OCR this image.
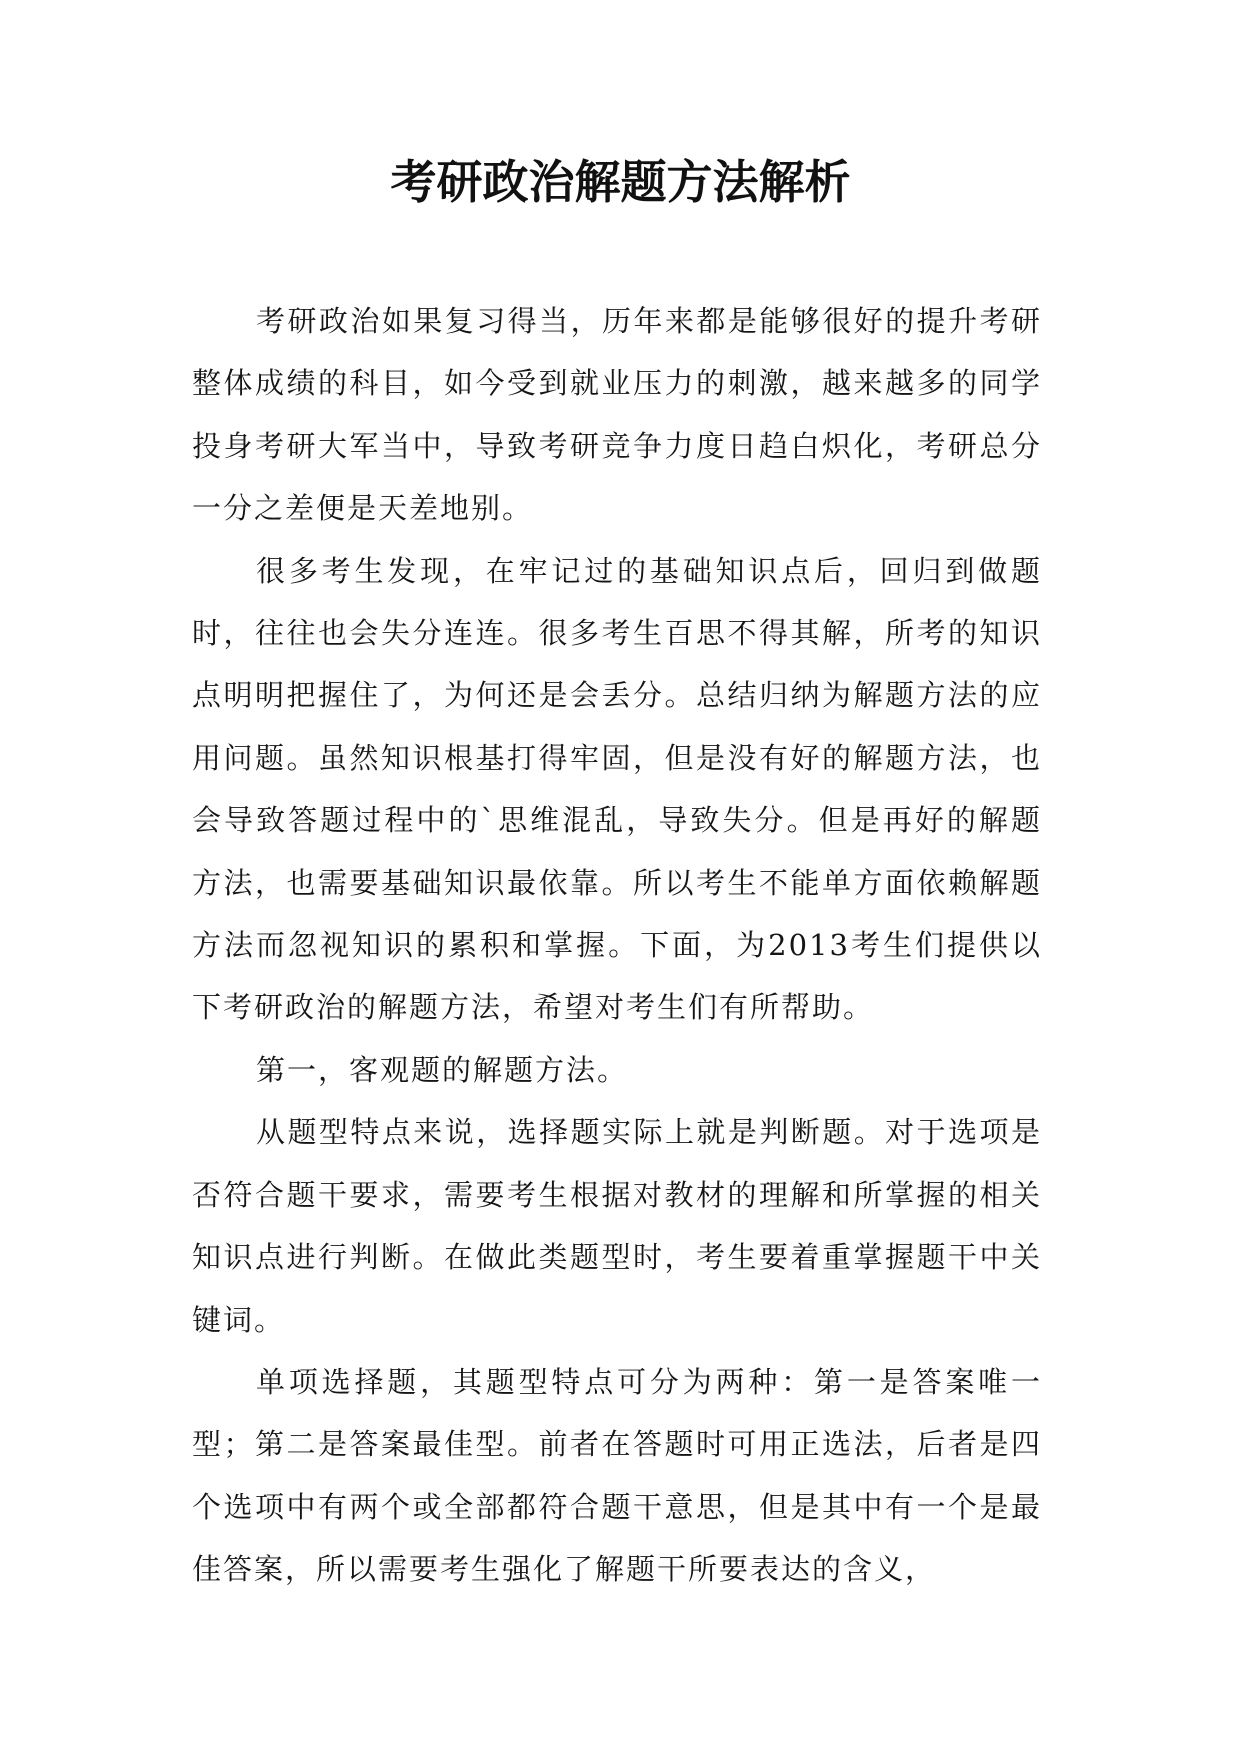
考研政治解题方法解析

考研政治如果复习得当，历年来都是能够很好的提升考研整体成绩的科目，如今受到就业压力的刺激，越来越多的同学投身考研大军当中，导致考研竞争力度日趋白炽化，考研总分一分之差便是天差地别。

很多考生发现，在牢记过的基础知识点后，回归到做题时，往往也会失分连连。很多考生百思不得其解，所考的知识点明明把握住了，为何还是会丢分。总结归纳为解题方法的应用问题。虽然知识根基打得牢固，但是没有好的解题方法，也会导致答题过程中的`思维混乱，导致失分。但是再好的解题方法，也需要基础知识最依靠。所以考生不能单方面依赖解题方法而忽视知识的累积和掌握。下面，为2013考生们提供以下考研政治的解题方法，希望对考生们有所帮助。

第一，客观题的解题方法。

从题型特点来说，选择题实际上就是判断题。对于选项是否符合题干要求，需要考生根据对教材的理解和所掌握的相关知识点进行判断。在做此类题型时，考生要着重掌握题干中关键词。

单项选择题，其题型特点可分为两种：第一是答案唯一型；第二是答案最佳型。前者在答题时可用正选法，后者是四个选项中有两个或全部都符合题干意思，但是其中有一个是最佳答案，所以需要考生强化了解题干所要表达的含义，
